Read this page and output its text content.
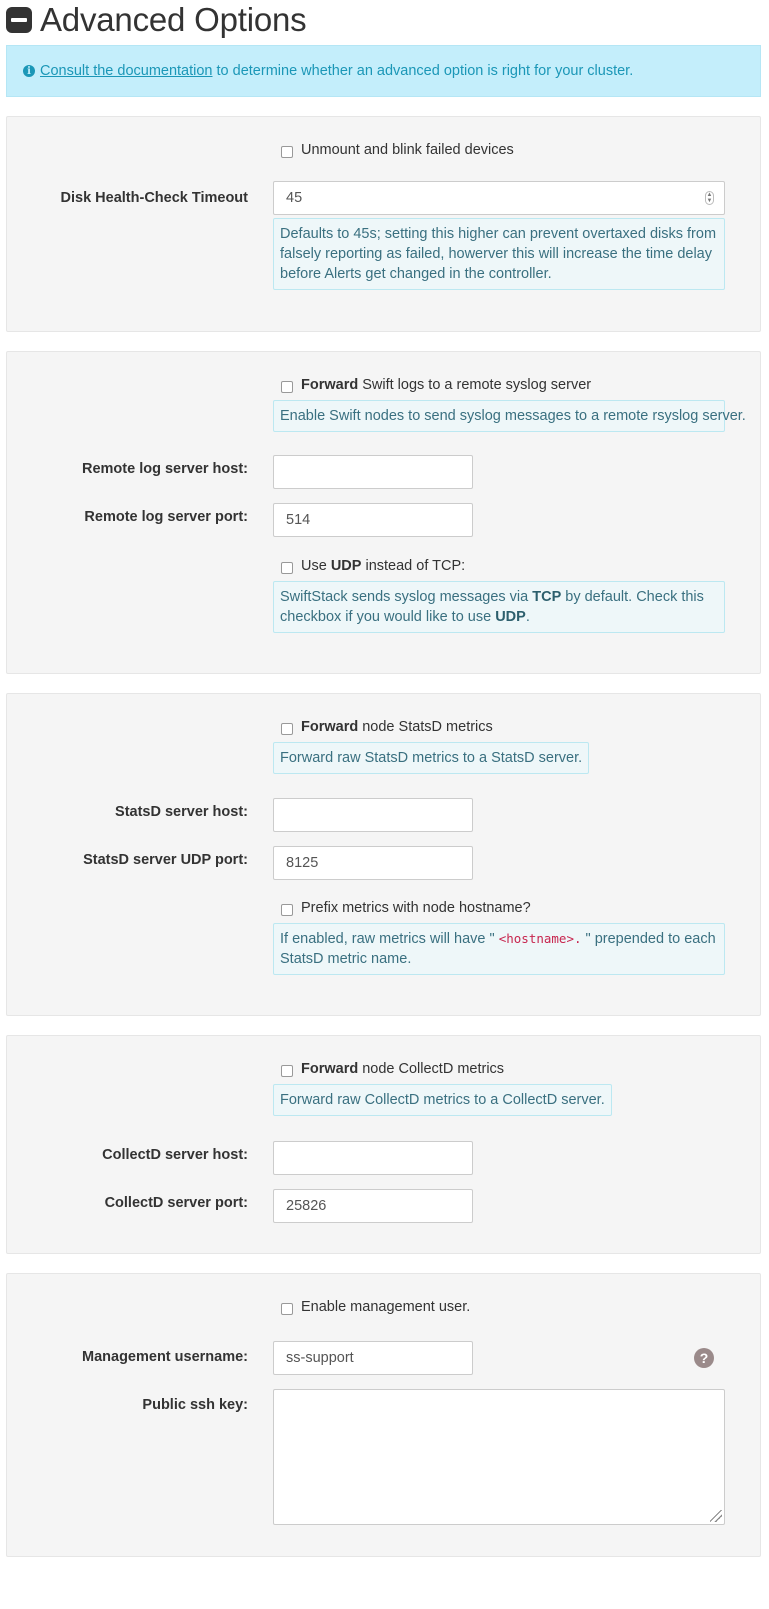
Advanced Options
i Consult the documentation to determine whether an advanced option is right for your cluster.
Unmount and blink failed devices
Disk Health-Check Timeout	45	▲
▼
Defaults to 45s; setting this higher can prevent overtaxed disks from falsely reporting as failed, howerver this will increase the time delay before Alerts get changed in the controller.
Forward Swift logs to a remote syslog server
Enable Swift nodes to send syslog messages to a remote rsyslog server.
Remote log server host:
Remote log server port:	514
Use UDP instead of TCP:
SwiftStack sends syslog messages via TCP by default. Check this checkbox if you would like to use UDP.
Forward node StatsD metrics
Forward raw StatsD metrics to a StatsD server.
StatsD server host:
StatsD server UDP port:	8125
Prefix metrics with node hostname?
If enabled, raw metrics will have " <hostname>. " prepended to each StatsD metric name.
Forward node CollectD metrics
Forward raw CollectD metrics to a CollectD server.
CollectD server host:
CollectD server port:	25826
Enable management user.
Management username:	ss-support	?
Public ssh key:
